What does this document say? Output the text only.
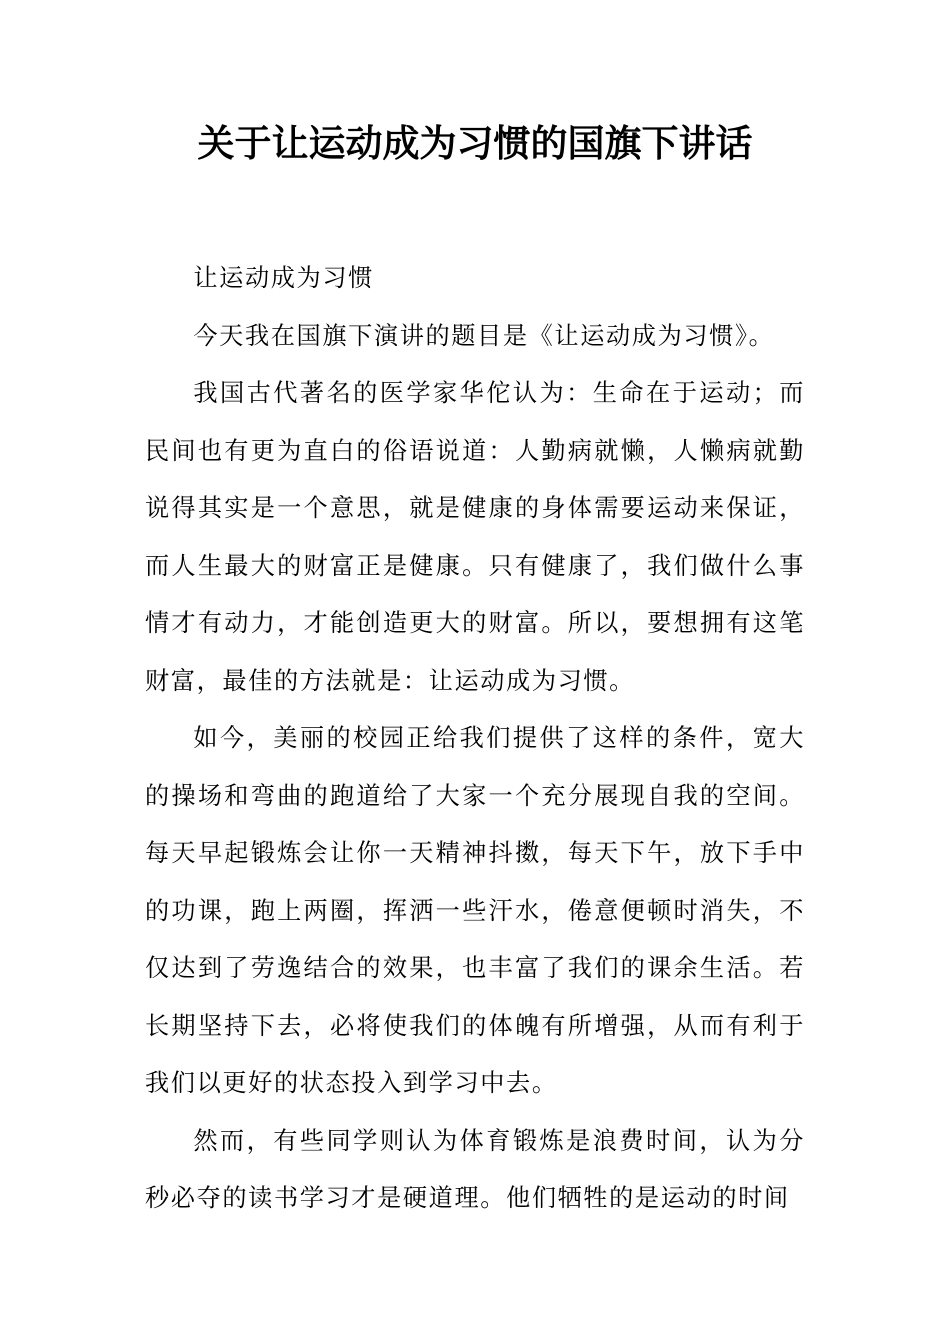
关于让运动成为习惯的国旗下讲话

让运动成为习惯

今天我在国旗下演讲的题目是《让运动成为习惯》。

我国古代著名的医学家华佗认为：生命在于运动；而民间也有更为直白的俗语说道：人勤病就懒，人懒病就勤说得其实是一个意思，就是健康的身体需要运动来保证，而人生最大的财富正是健康。只有健康了，我们做什么事情才有动力，才能创造更大的财富。所以，要想拥有这笔财富，最佳的方法就是：让运动成为习惯。

如今，美丽的校园正给我们提供了这样的条件，宽大的操场和弯曲的跑道给了大家一个充分展现自我的空间。每天早起锻炼会让你一天精神抖擞，每天下午，放下手中的功课，跑上两圈，挥洒一些汗水，倦意便顿时消失，不仅达到了劳逸结合的效果，也丰富了我们的课余生活。若长期坚持下去，必将使我们的体魄有所增强，从而有利于我们以更好的状态投入到学习中去。

然而，有些同学则认为体育锻炼是浪费时间，认为分秒必夺的读书学习才是硬道理。他们牺牲的是运动的时间
